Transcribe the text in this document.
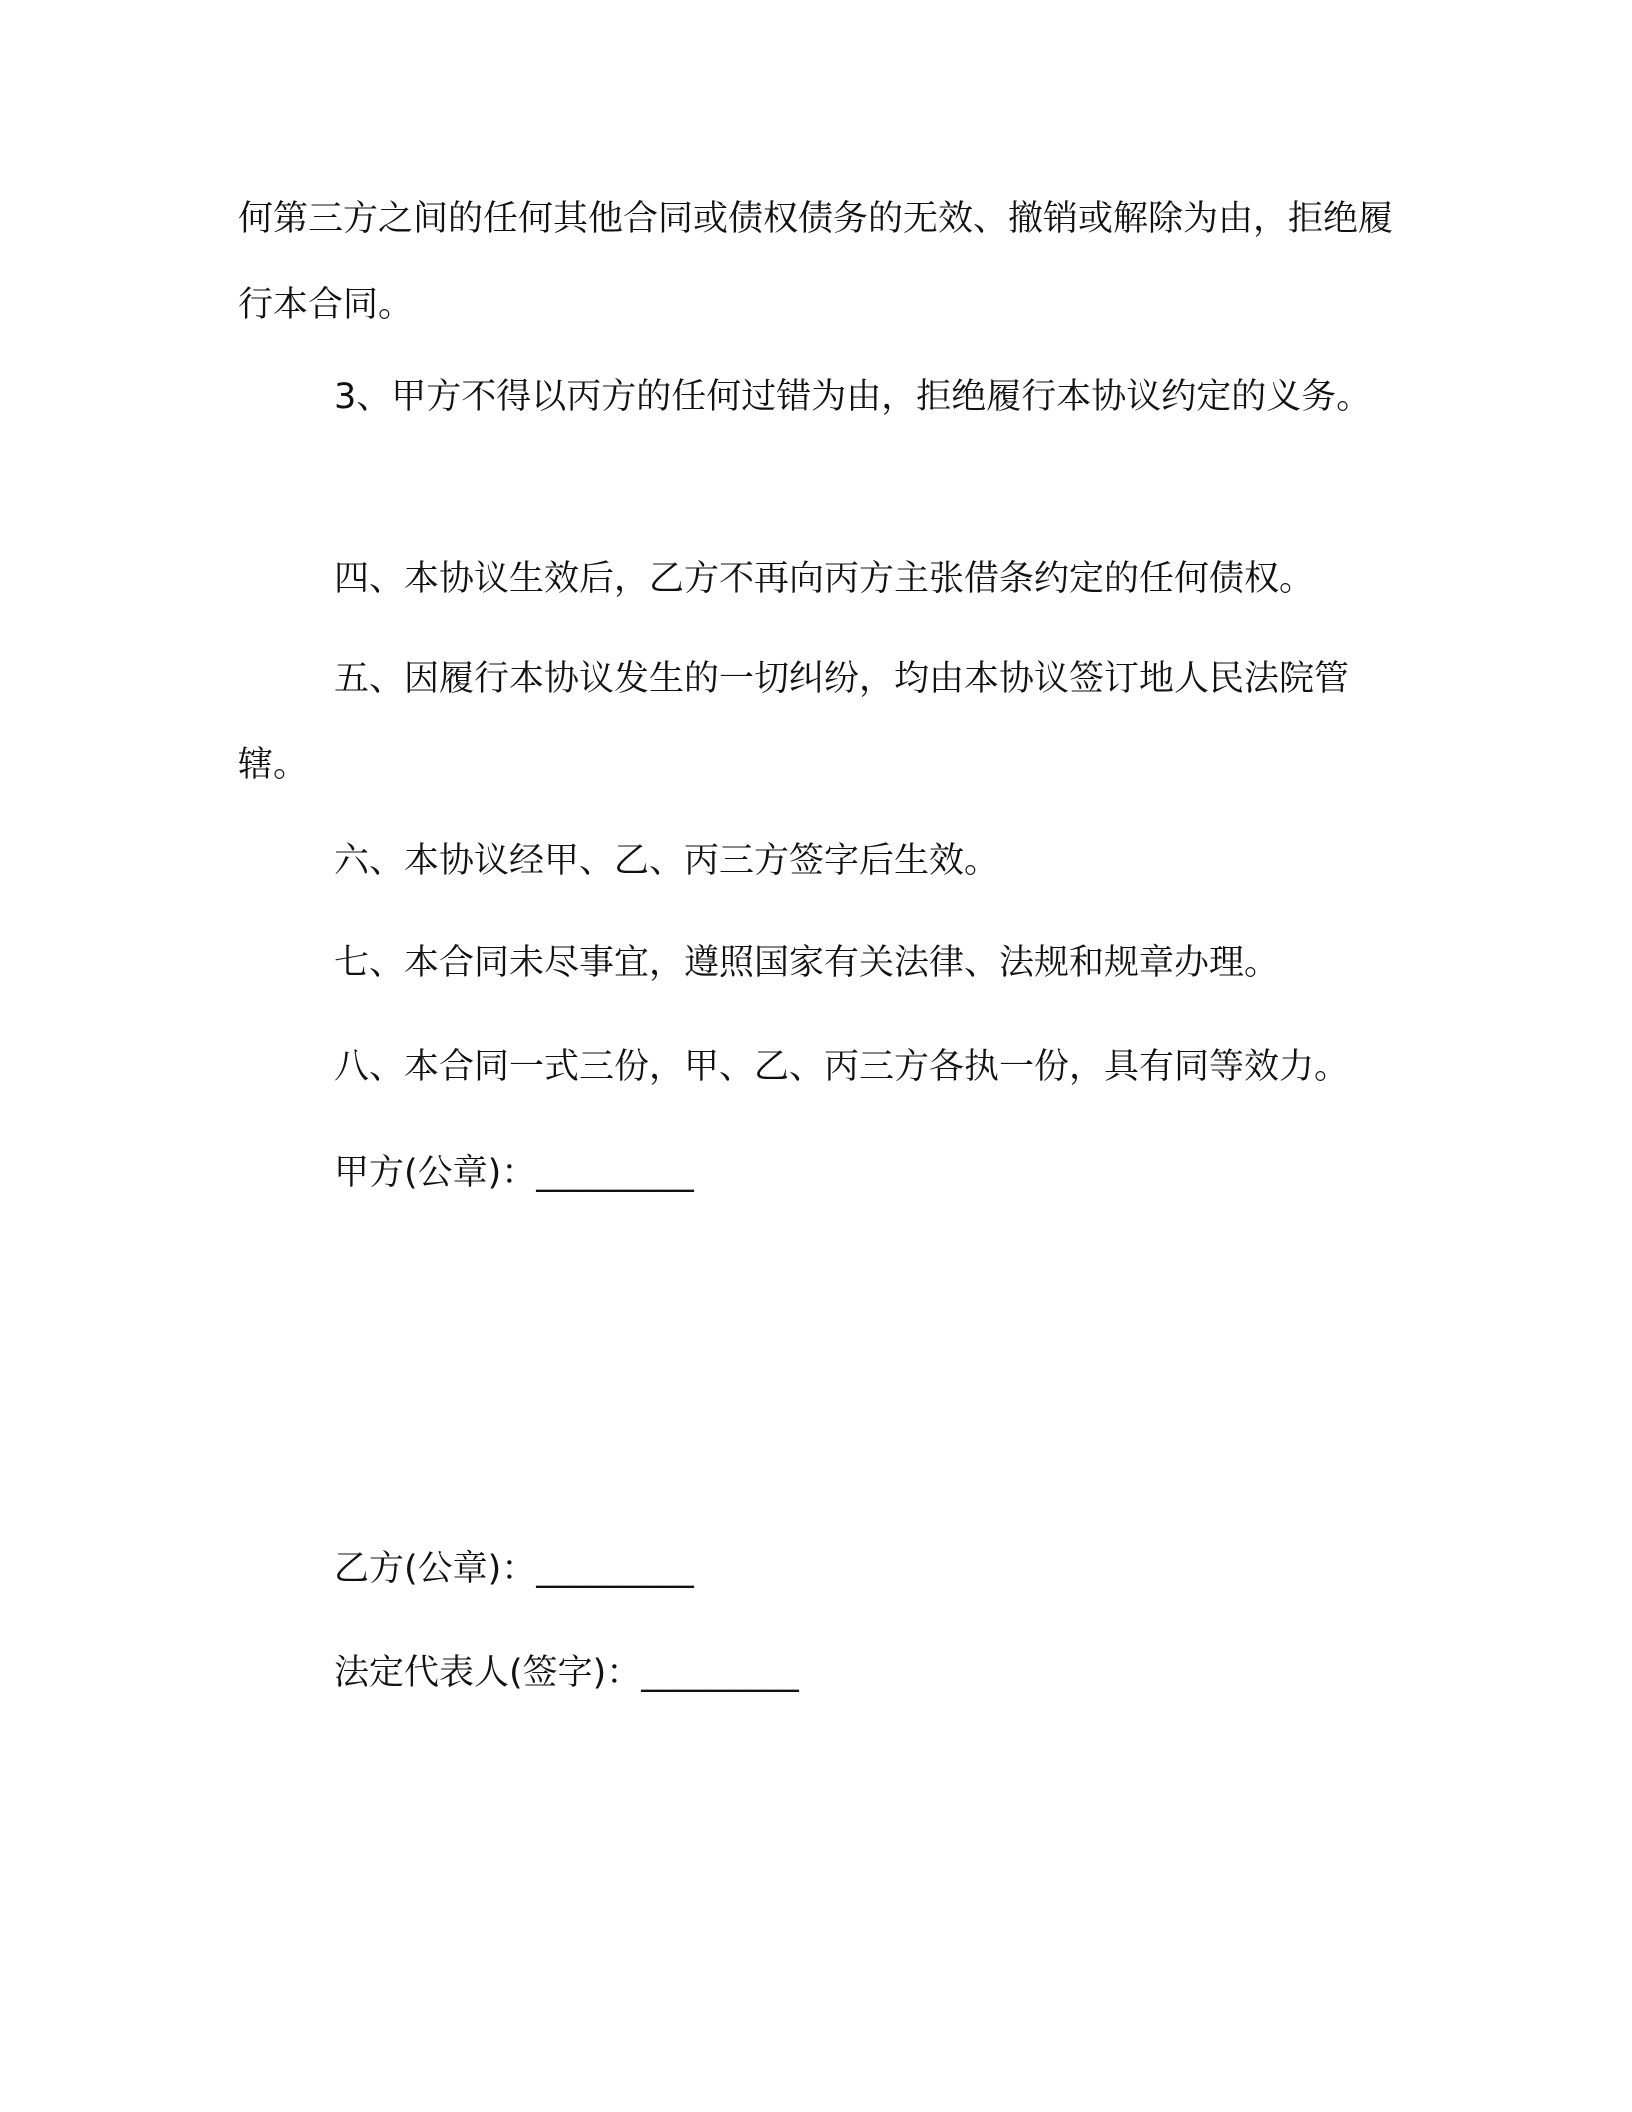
何第三方之间的任何其他合同或债权债务的无效、撤销或解除为由，拒绝履行本合同。

3、甲方不得以丙方的任何过错为由，拒绝履行本协议约定的义务。

四、本协议生效后，乙方不再向丙方主张借条约定的任何债权。

五、因履行本协议发生的一切纠纷，均由本协议签订地人民法院管辖。

六、本协议经甲、乙、丙三方签字后生效。

七、本合同未尽事宜，遵照国家有关法律、法规和规章办理。

八、本合同一式三份，甲、乙、丙三方各执一份，具有同等效力。

甲方(公章)：_________
乙方(公章)：_________
法定代表人(签字)：_________
